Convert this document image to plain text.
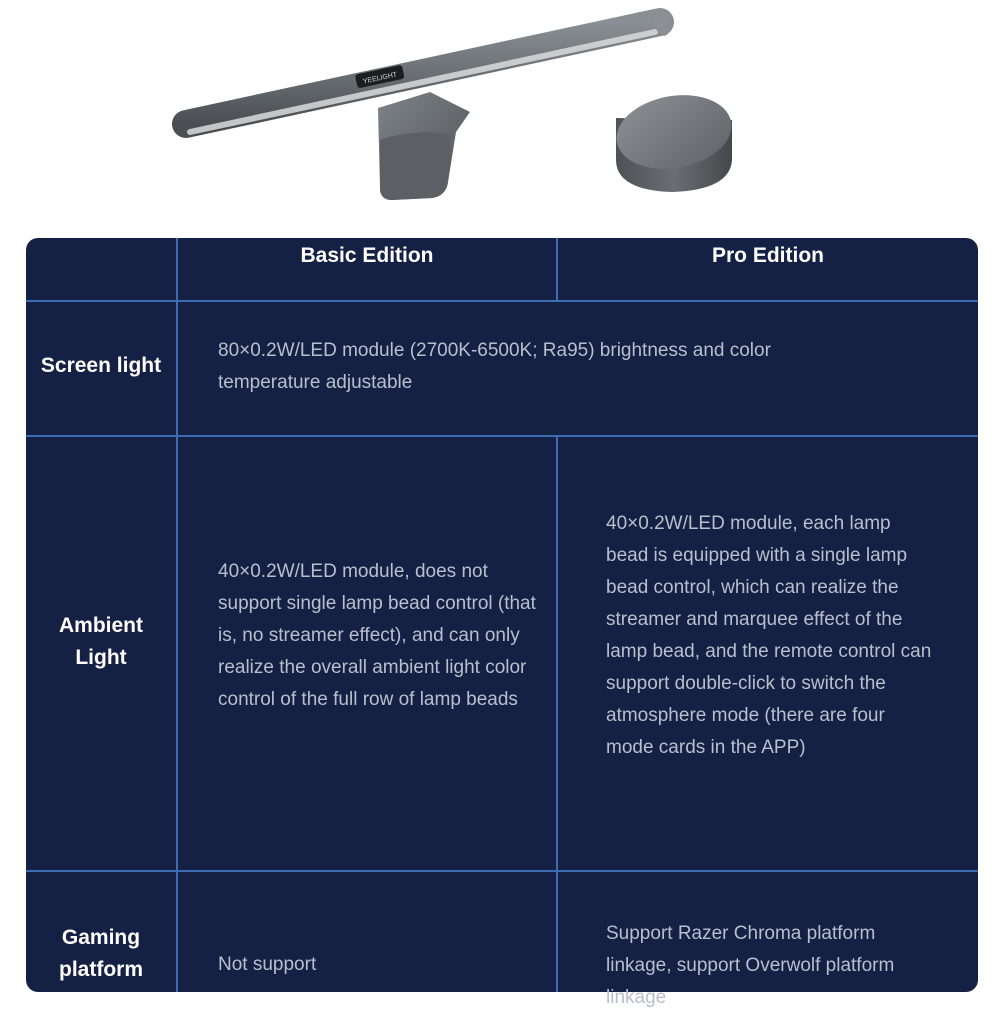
YEELIGHT
Basic Edition	Pro Edition
Screen light
80×0.2W/LED module (2700K-6500K; Ra95) brightness and color temperature adjustable
Ambient Light
40×0.2W/LED module, does not support single lamp bead control (that is, no streamer effect), and can only realize the overall ambient light color control of the full row of lamp beads
40×0.2W/LED module, each lamp bead is equipped with a single lamp bead control, which can realize the streamer and marquee effect of the lamp bead, and the remote control can support double-click to switch the atmosphere mode (there are four mode cards in the APP)
Gaming platform	Not support
Support Razer Chroma platform linkage, support Overwolf platform linkage
